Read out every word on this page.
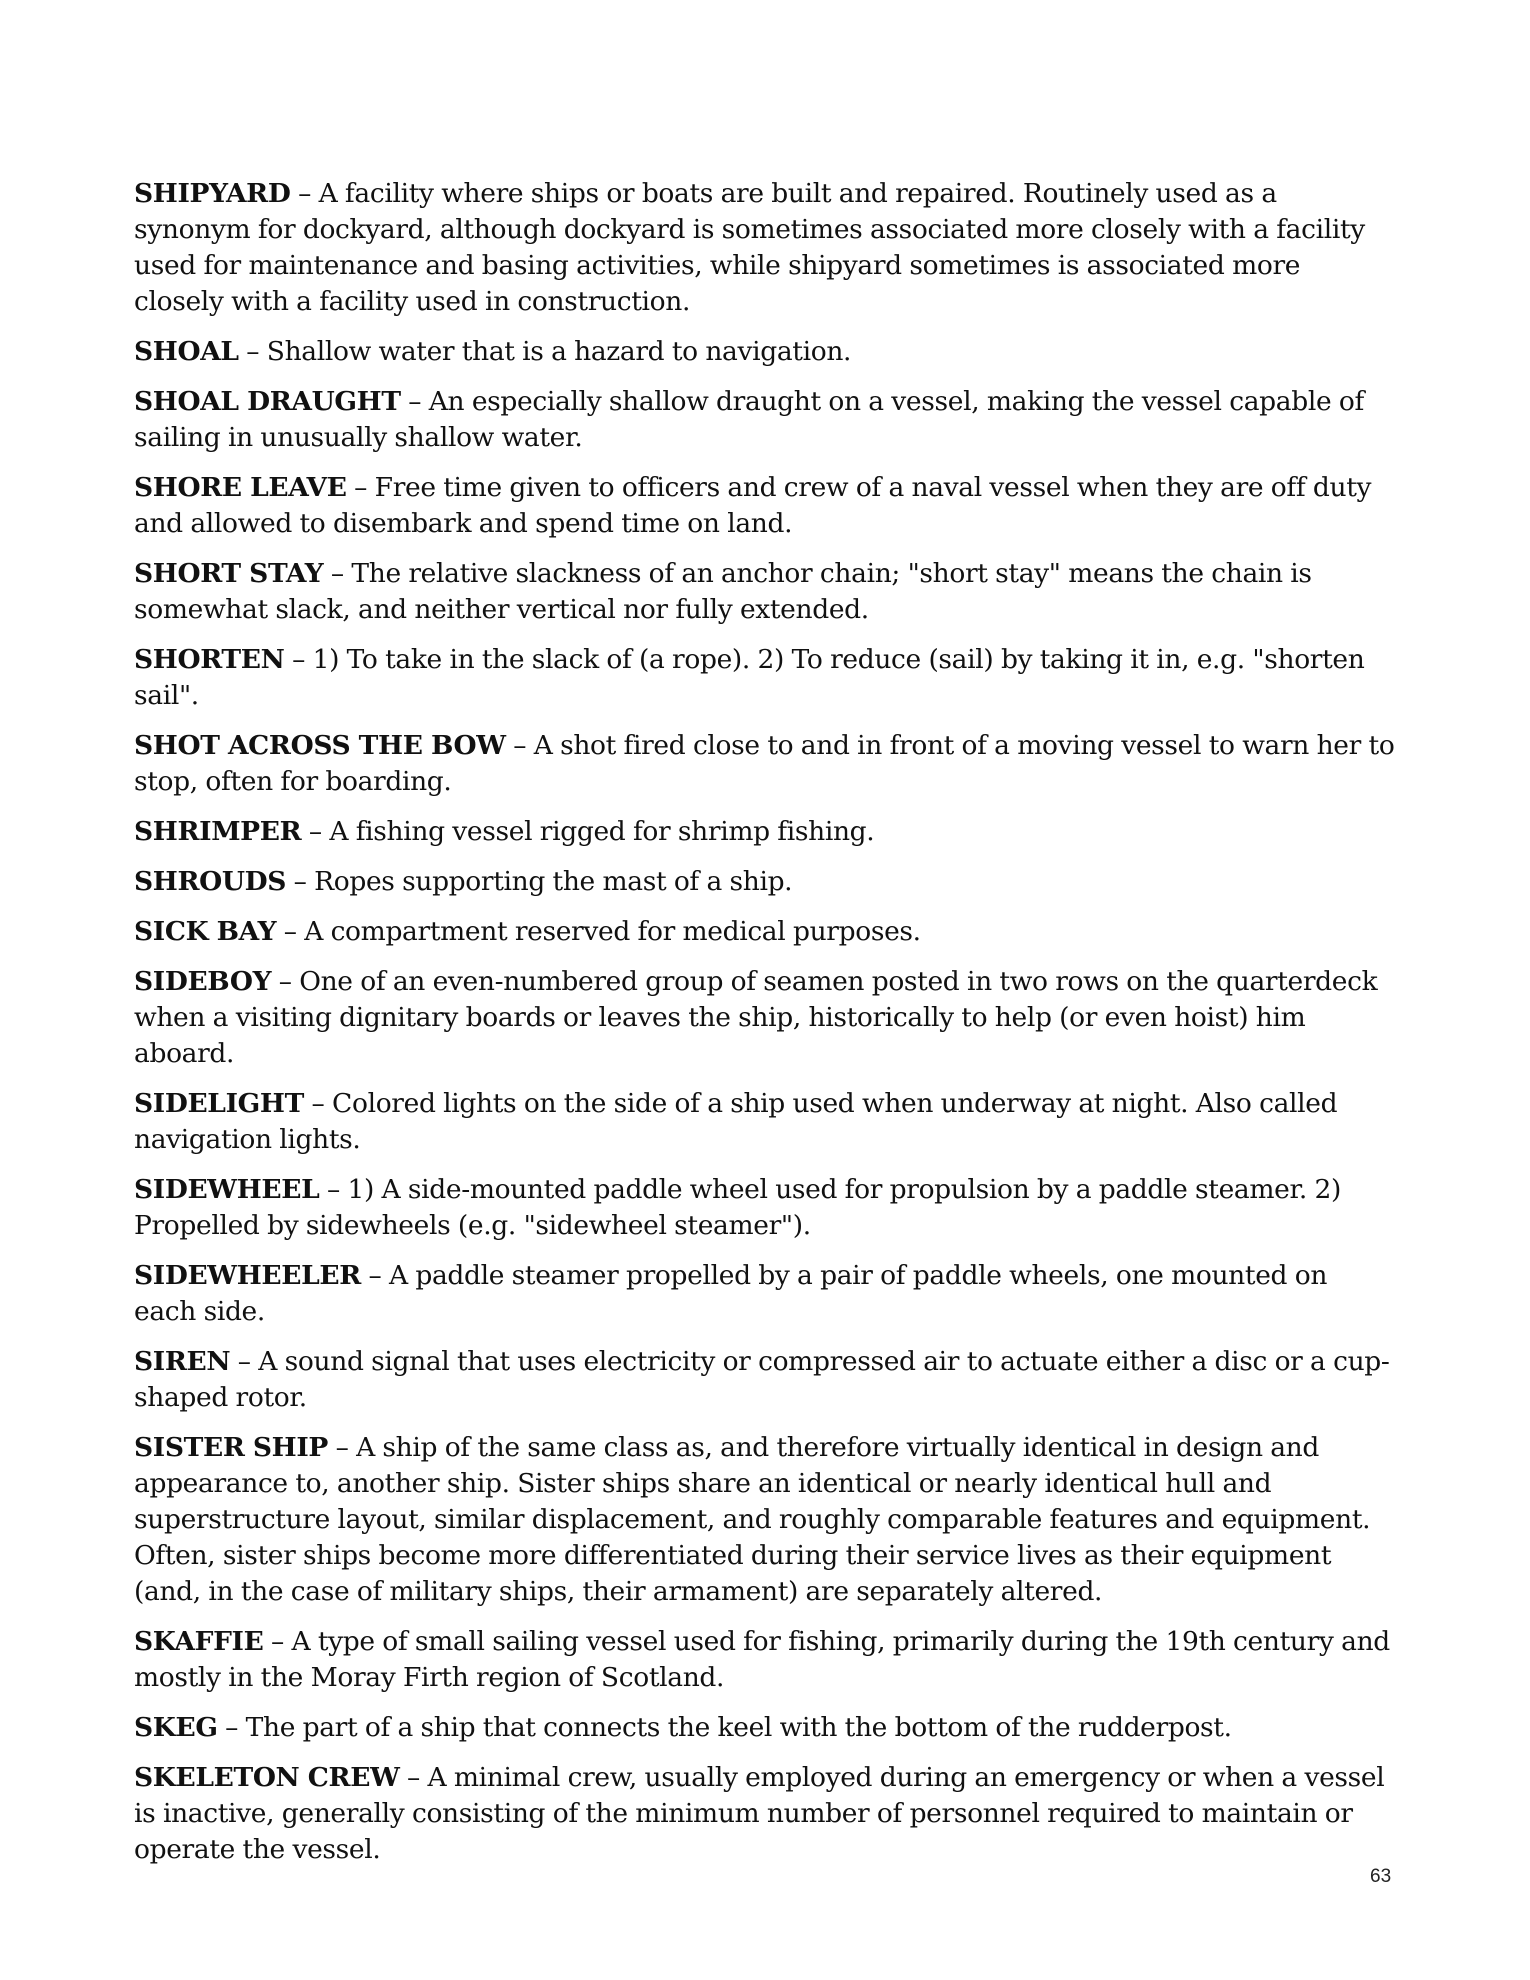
SHIPYARD – A facility where ships or boats are built and repaired. Routinely used as a synonym for dockyard, although dockyard is sometimes associated more closely with a facility used for maintenance and basing activities, while shipyard sometimes is associated more closely with a facility used in construction.

SHOAL – Shallow water that is a hazard to navigation.

SHOAL DRAUGHT – An especially shallow draught on a vessel, making the vessel capable of sailing in unusually shallow water.

SHORE LEAVE – Free time given to officers and crew of a naval vessel when they are off duty and allowed to disembark and spend time on land.

SHORT STAY – The relative slackness of an anchor chain; "short stay" means the chain is somewhat slack, and neither vertical nor fully extended.

SHORTEN – 1) To take in the slack of (a rope). 2) To reduce (sail) by taking it in, e.g. "shorten sail".

SHOT ACROSS THE BOW – A shot fired close to and in front of a moving vessel to warn her to stop, often for boarding.

SHRIMPER – A fishing vessel rigged for shrimp fishing.

SHROUDS – Ropes supporting the mast of a ship.

SICK BAY – A compartment reserved for medical purposes.

SIDEBOY – One of an even-numbered group of seamen posted in two rows on the quarterdeck when a visiting dignitary boards or leaves the ship, historically to help (or even hoist) him aboard.

SIDELIGHT – Colored lights on the side of a ship used when underway at night. Also called navigation lights.

SIDEWHEEL – 1) A side-mounted paddle wheel used for propulsion by a paddle steamer. 2) Propelled by sidewheels (e.g. "sidewheel steamer").

SIDEWHEELER – A paddle steamer propelled by a pair of paddle wheels, one mounted on each side.

SIREN – A sound signal that uses electricity or compressed air to actuate either a disc or a cup-shaped rotor.

SISTER SHIP – A ship of the same class as, and therefore virtually identical in design and appearance to, another ship. Sister ships share an identical or nearly identical hull and superstructure layout, similar displacement, and roughly comparable features and equipment. Often, sister ships become more differentiated during their service lives as their equipment (and, in the case of military ships, their armament) are separately altered.

SKAFFIE – A type of small sailing vessel used for fishing, primarily during the 19th century and mostly in the Moray Firth region of Scotland.

SKEG – The part of a ship that connects the keel with the bottom of the rudderpost.

SKELETON CREW – A minimal crew, usually employed during an emergency or when a vessel is inactive, generally consisting of the minimum number of personnel required to maintain or operate the vessel.

63
